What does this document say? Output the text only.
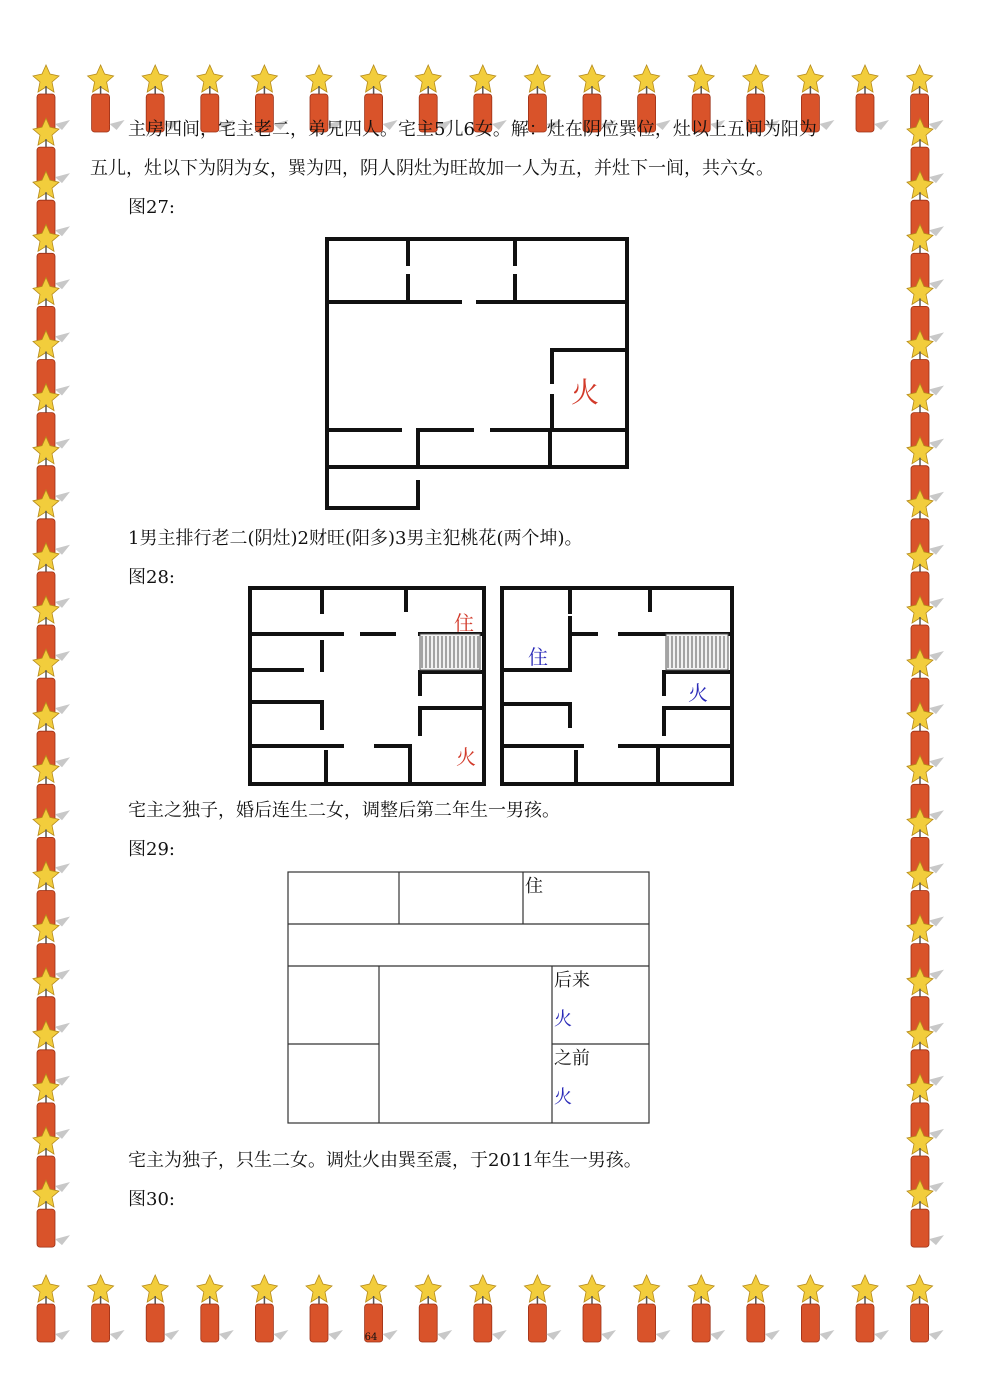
主房四间，宅主老二，弟兄四人。宅主5儿6女。解：灶在阴位巽位，灶以上五间为阳为
五儿，灶以下为阴为女，巽为四，阴人阴灶为旺故加一人为五，并灶下一间，共六女。
图27:
火
1男主排行老二(阴灶)2财旺(阳多)3男主犯桃花(两个坤)。
图28:
住
火
住
火
宅主之独子，婚后连生二女，调整后第二年生一男孩。
图29:
住
后来
火
之前
火
宅主为独子，只生二女。调灶火由巽至震，于2011年生一男孩。
图30:
64
